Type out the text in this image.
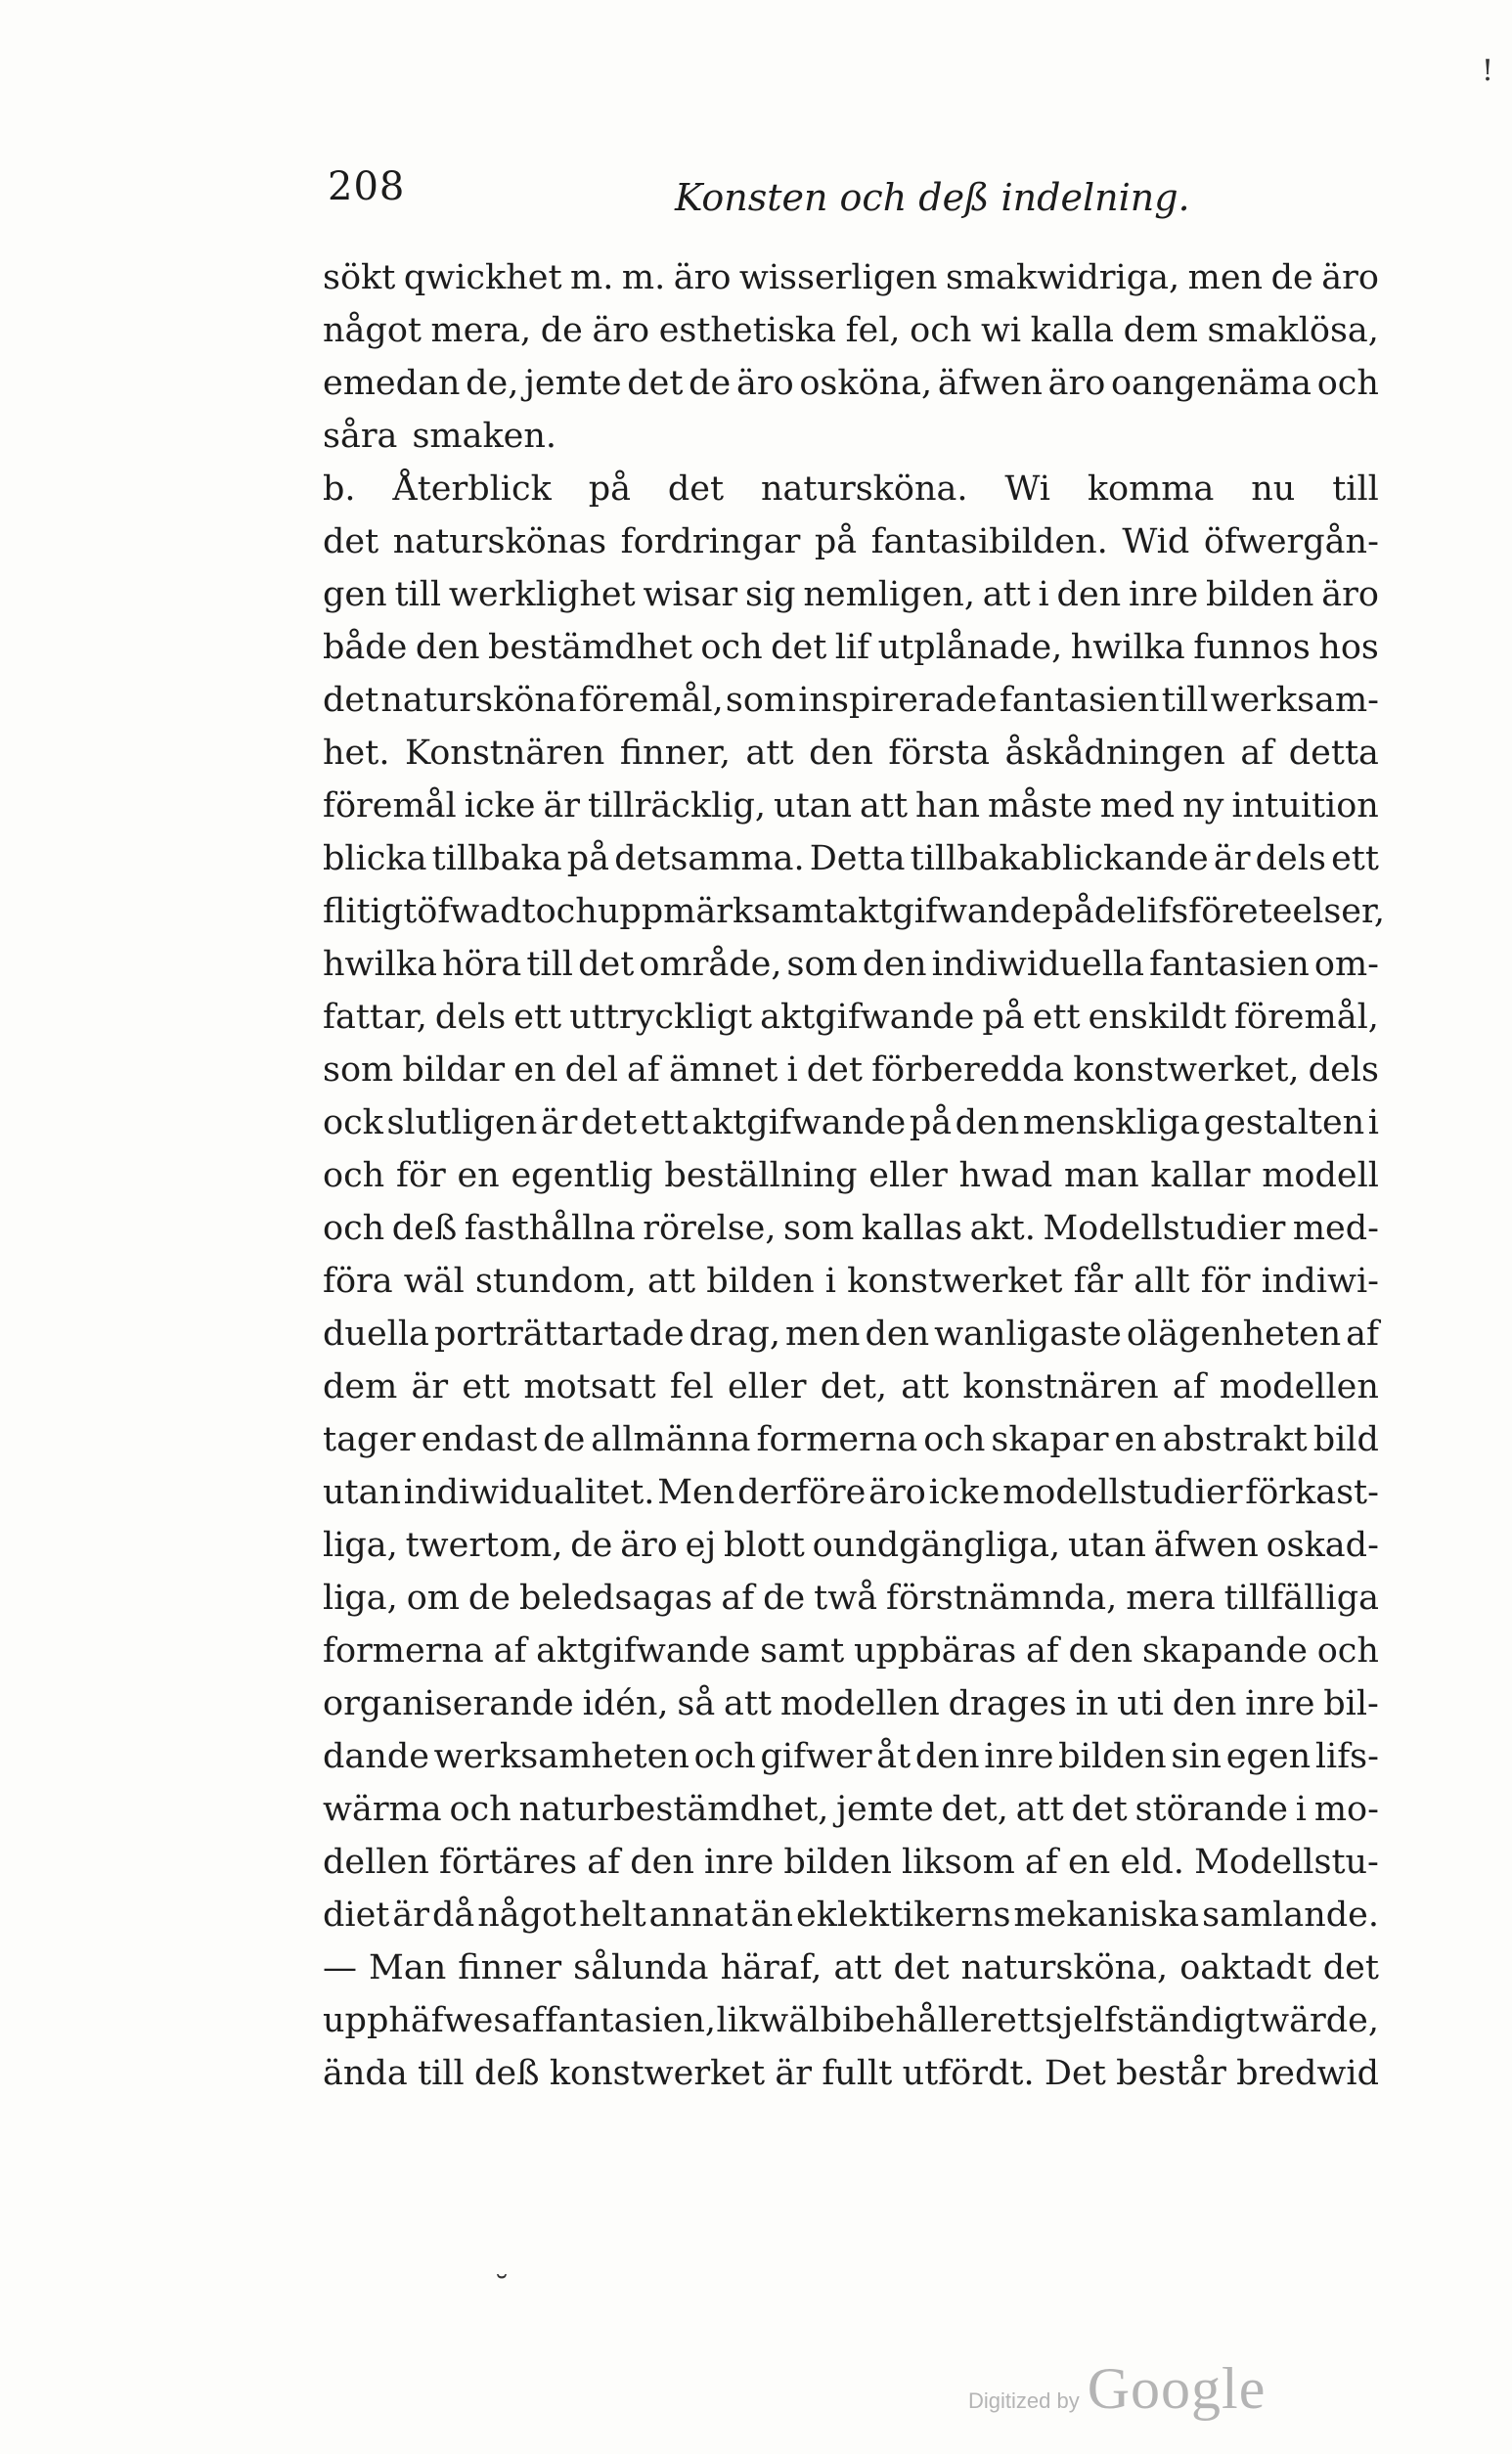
!
208	Konsten och deß indelning.
sökt qwickhet m. m. äro wisserligen smakwidriga, men de äro
något mera, de äro esthetiska fel, och wi kalla dem smaklösa,
emedan de, jemte det de äro osköna, äfwen äro oangenäma och
såra smaken.
b. Återblick på det natursköna. Wi komma nu till
det naturskönas fordringar på fantasibilden. Wid öfwergån-
gen till werklighet wisar sig nemligen, att i den inre bilden äro
både den bestämdhet och det lif utplånade, hwilka funnos hos
det natursköna föremål, som inspirerade fantasien till werksam-
het. Konstnären finner, att den första åskådningen af detta
föremål icke är tillräcklig, utan att han måste med ny intuition
blicka tillbaka på detsamma. Detta tillbakablickande är dels ett
flitigt öfwadt och uppmärksamt aktgifwande på de lifsföreteelser,
hwilka höra till det område, som den indiwiduella fantasien om-
fattar, dels ett uttryckligt aktgifwande på ett enskildt föremål,
som bildar en del af ämnet i det förberedda konstwerket, dels
ock slutligen är det ett aktgifwande på den menskliga gestalten i
och för en egentlig beställning eller hwad man kallar modell
och deß fasthållna rörelse, som kallas akt. Modellstudier med-
föra wäl stundom, att bilden i konstwerket får allt för indiwi-
duella porträttartade drag, men den wanligaste olägenheten af
dem är ett motsatt fel eller det, att konstnären af modellen
tager endast de allmänna formerna och skapar en abstrakt bild
utan indiwidualitet. Men derföre äro icke modellstudier förkast-
liga, twertom, de äro ej blott oundgängliga, utan äfwen oskad-
liga, om de beledsagas af de twå förstnämnda, mera tillfälliga
formerna af aktgifwande samt uppbäras af den skapande och
organiserande idén, så att modellen drages in uti den inre bil-
dande werksamheten och gifwer åt den inre bilden sin egen lifs-
wärma och naturbestämdhet, jemte det, att det störande i mo-
dellen förtäres af den inre bilden liksom af en eld. Modellstu-
diet är då något helt annat än eklektikerns mekaniska samlande.
— Man finner sålunda häraf, att det natursköna, oaktadt det
upphäfwes af fantasien, likwäl bibehåller ett sjelfständigt wärde,
ända till deß konstwerket är fullt utfördt. Det består bredwid
˘
Digitized by Google
